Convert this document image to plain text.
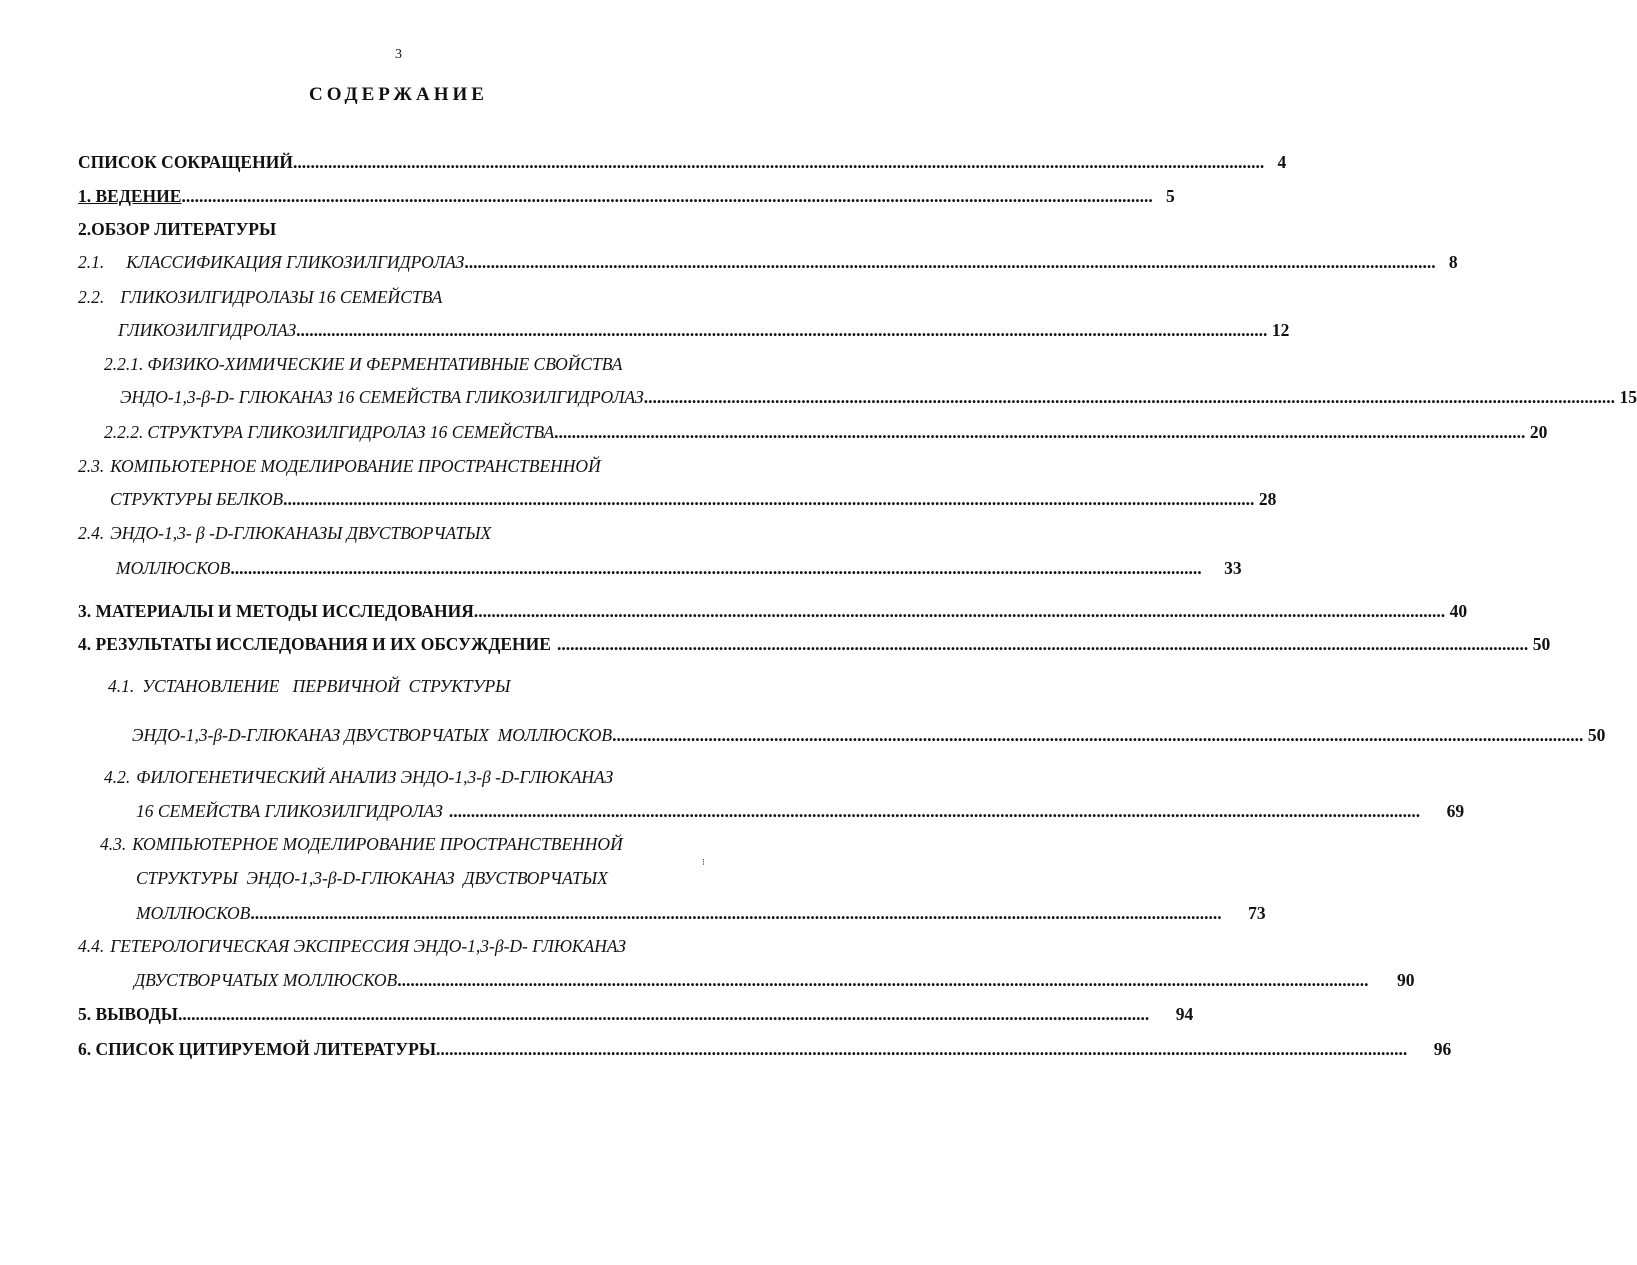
3
СОДЕРЖАНИЕ
СПИСОК СОКРАЩЕНИЙ .....	4
1. ВЕДЕНИЕ .....	5
2.ОБЗОР ЛИТЕРАТУРЫ
2.1. КЛАССИФИКАЦИЯ ГЛИКОЗИЛГИДРОЛАЗ .....	8
2.2. ГЛИКОЗИЛГИДРОЛАЗЫ 16 СЕМЕЙСТВА
ГЛИКОЗИЛГИДРОЛАЗ .....	12
2.2.1. ФИЗИКО-ХИМИЧЕСКИЕ И ФЕРМЕНТАТИВНЫЕ СВОЙСТВА
ЭНДО-1,3-β-D- ГЛЮКАНАЗ 16 СЕМЕЙСТВА ГЛИКОЗИЛГИДРОЛАЗ .....	15
2.2.2. СТРУКТУРА ГЛИКОЗИЛГИДРОЛАЗ 16 СЕМЕЙСТВА .....	20
2.3. КОМПЬЮТЕРНОЕ МОДЕЛИРОВАНИЕ ПРОСТРАНСТВЕННОЙ
СТРУКТУРЫ БЕЛКОВ .....	28
2.4. ЭНДО-1,3- β -D-ГЛЮКАНАЗЫ ДВУСТВОРЧАТЫХ
МОЛЛЮСКОВ .....	33
3. МАТЕРИАЛЫ И МЕТОДЫ ИССЛЕДОВАНИЯ .....	40
4. РЕЗУЛЬТАТЫ ИССЛЕДОВАНИЯ И ИХ ОБСУЖДЕНИЕ .....	50
4.1. УСТАНОВЛЕНИЕ   ПЕРВИЧНОЙ  СТРУКТУРЫ
ЭНДО-1,3-β-D-ГЛЮКАНАЗ ДВУСТВОРЧАТЫХ  МОЛЛЮСКОВ .....	50
4.2. ФИЛОГЕНЕТИЧЕСКИЙ АНАЛИЗ ЭНДО-1,3-β -D-ГЛЮКАНАЗ
16 СЕМЕЙСТВА ГЛИКОЗИЛГИДРОЛАЗ .....	69
4.3. КОМПЬЮТЕРНОЕ МОДЕЛИРОВАНИЕ ПРОСТРАНСТВЕННОЙ
СТРУКТУРЫ  ЭНДО-1,3-β-D-ГЛЮКАНАЗ  ДВУСТВОРЧАТЫХ
⁝
МОЛЛЮСКОВ .....	73
4.4. ГЕТЕРОЛОГИЧЕСКАЯ ЭКСПРЕССИЯ ЭНДО-1,3-β-D- ГЛЮКАНАЗ
ДВУСТВОРЧАТЫХ МОЛЛЮСКОВ .....	90
5. ВЫВОДЫ .....	94
6. СПИСОК ЦИТИРУЕМОЙ ЛИТЕРАТУРЫ .....	96
